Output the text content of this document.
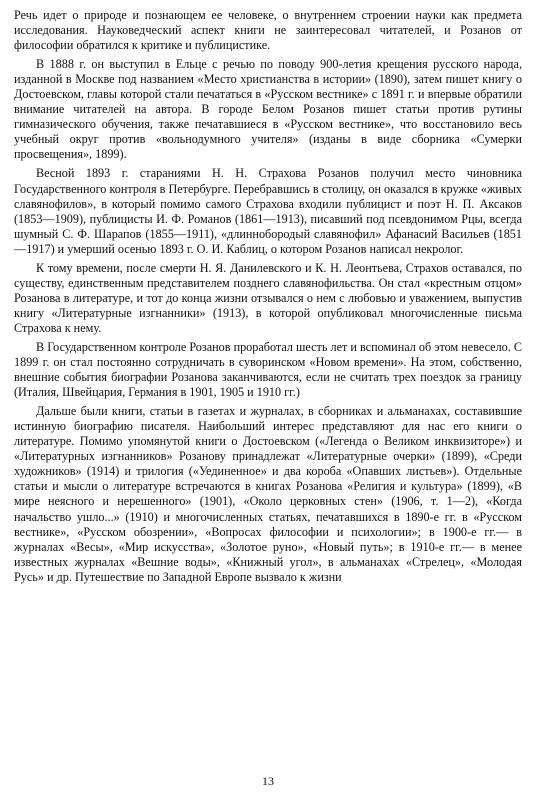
Речь идет о природе и познающем ее человеке, о внутреннем строении науки как предмета исследования. Науковедческий аспект книги не заинтересовал читателей, и Розанов от философии обратился к критике и публицистике.

В 1888 г. он выступил в Ельце с речью по поводу 900-летия крещения русского народа, изданной в Москве под названием «Место христианства в истории» (1890), затем пишет книгу о Достоевском, главы которой стали печататься в «Русском вестнике» с 1891 г. и впервые обратили внимание читателей на автора. В городе Белом Розанов пишет статьи против рутины гимназического обучения, также печатавшиеся в «Русском вестнике», что восстановило весь учебный округ против «вольнодумного учителя» (изданы в виде сборника «Сумерки просвещения», 1899).

Весной 1893 г. стараниями Н. Н. Страхова Розанов получил место чиновника Государственного контроля в Петербурге. Перебравшись в столицу, он оказался в кружке «живых славянофилов», в который помимо самого Страхова входили публицист и поэт Н. П. Аксаков (1853—1909), публицисты И. Ф. Романов (1861—1913), писавший под псевдонимом Рцы, всегда шумный С. Ф. Шарапов (1855—1911), «длиннобородый славянофил» Афанасий Васильев (1851—1917) и умерший осенью 1893 г. О. И. Каблиц, о котором Розанов написал некролог.

К тому времени, после смерти Н. Я. Данилевского и К. Н. Леонтьева, Страхов оставался, по существу, единственным представителем позднего славянофильства. Он стал «крестным отцом» Розанова в литературе, и тот до конца жизни отзывался о нем с любовью и уважением, выпустив книгу «Литературные изгнанники» (1913), в которой опубликовал многочисленные письма Страхова к нему.

В Государственном контроле Розанов проработал шесть лет и вспоминал об этом невесело. С 1899 г. он стал постоянно сотрудничать в суворинском «Новом времени». На этом, собственно, внешние события биографии Розанова заканчиваются, если не считать трех поездок за границу (Италия, Швейцария, Германия в 1901, 1905 и 1910 гг.)

Дальше были книги, статьи в газетах и журналах, в сборниках и альманахах, составившие истинную биографию писателя. Наибольший интерес представляют для нас его книги о литературе. Помимо упомянутой книги о Достоевском («Легенда о Великом инквизиторе») и «Литературных изгнанников» Розанову принадлежат «Литературные очерки» (1899), «Среди художников» (1914) и трилогия («Уединенное» и два короба «Опавших листьев»). Отдельные статьи и мысли о литературе встречаются в книгах Розанова «Религия и культура» (1899), «В мире неясного и нерешенного» (1901), «Около церковных стен» (1906, т. 1—2), «Когда начальство ушло...» (1910) и многочисленных статьях, печатавшихся в 1890-е гг. в «Русском вестнике», «Русском обозрении», «Вопросах философии и психологии»; в 1900-е гг.— в журналах «Весы», «Мир искусства», «Золотое руно», «Новый путь»; в 1910-е гг.— в менее известных журналах «Вешние воды», «Книжный угол», в альманахах «Стрелец», «Молодая Русь» и др. Путешествие по Западной Европе вызвало к жизни

13
